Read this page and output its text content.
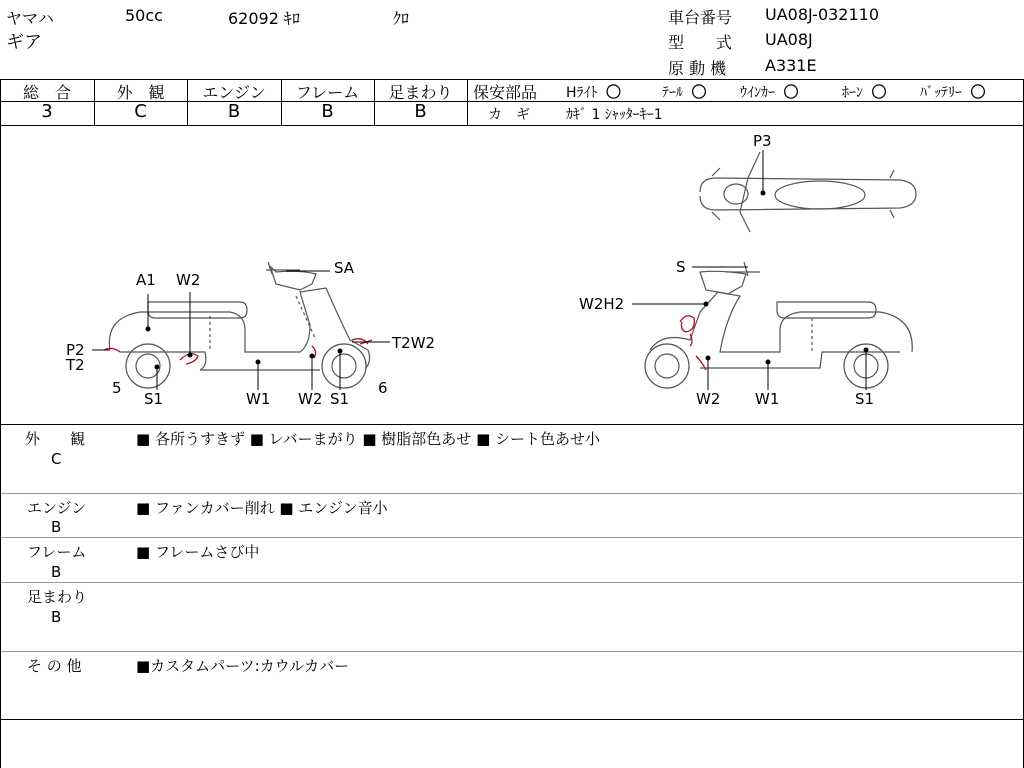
ヤマハ	50cc	62092 ｷﾛ	ｸﾛ
ギア
車台番号 UA08J-032110
型　　式 UA08J
原 動 機 A331E
総　合
3
外　観
C
エンジン
B
フレーム
B
足まわり
B
保安部品 Hﾗｲﾄ 〇	ﾃｰﾙ 〇 ｳｲﾝｶｰ 〇	ﾎｰﾝ 〇 ﾊﾞｯﾃﾘｰ 〇
カ　ギ	ｶｷﾞ 1 ｼｬｯﾀｰｷｰ1
A1 W2
SA
P2
T2
T2W2
5
S1	W1 W2 S1
6
P3
S
W2H2
W2 W1	S1
外　　観
C
■ 各所うすきず ■ レバーまがり ■ 樹脂部色あせ ■ シート色あせ小
エンジン
B
■ ファンカバー削れ ■ エンジン音小
フレーム
B
■ フレームさび中
足まわり
B
そ の 他	■カスタムパーツ:カウルカバー
